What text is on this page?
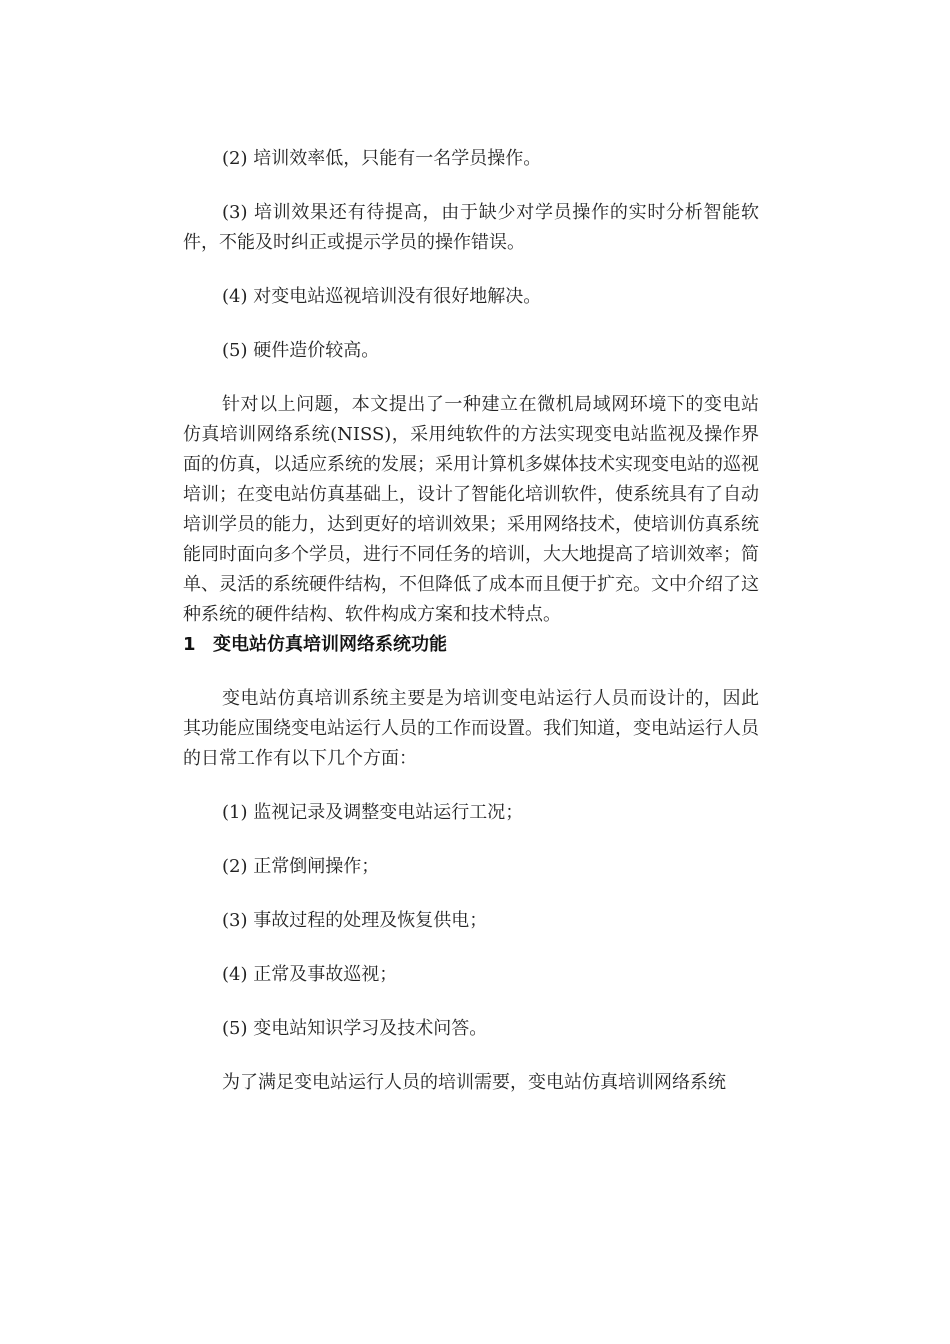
(2) 培训效率低，只能有一名学员操作。

(3) 培训效果还有待提高，由于缺少对学员操作的实时分析智能软件，不能及时纠正或提示学员的操作错误。

(4) 对变电站巡视培训没有很好地解决。

(5) 硬件造价较高。

针对以上问题，本文提出了一种建立在微机局域网环境下的变电站仿真培训网络系统(NISS)，采用纯软件的方法实现变电站监视及操作界面的仿真，以适应系统的发展；采用计算机多媒体技术实现变电站的巡视培训；在变电站仿真基础上，设计了智能化培训软件，使系统具有了自动培训学员的能力，达到更好的培训效果；采用网络技术，使培训仿真系统能同时面向多个学员，进行不同任务的培训，大大地提高了培训效率；简单、灵活的系统硬件结构，不但降低了成本而且便于扩充。文中介绍了这种系统的硬件结构、软件构成方案和技术特点。

1 变电站仿真培训网络系统功能

变电站仿真培训系统主要是为培训变电站运行人员而设计的，因此其功能应围绕变电站运行人员的工作而设置。我们知道，变电站运行人员的日常工作有以下几个方面：

(1) 监视记录及调整变电站运行工况；

(2) 正常倒闸操作；

(3) 事故过程的处理及恢复供电；

(4) 正常及事故巡视；

(5) 变电站知识学习及技术问答。

为了满足变电站运行人员的培训需要，变电站仿真培训网络系统
